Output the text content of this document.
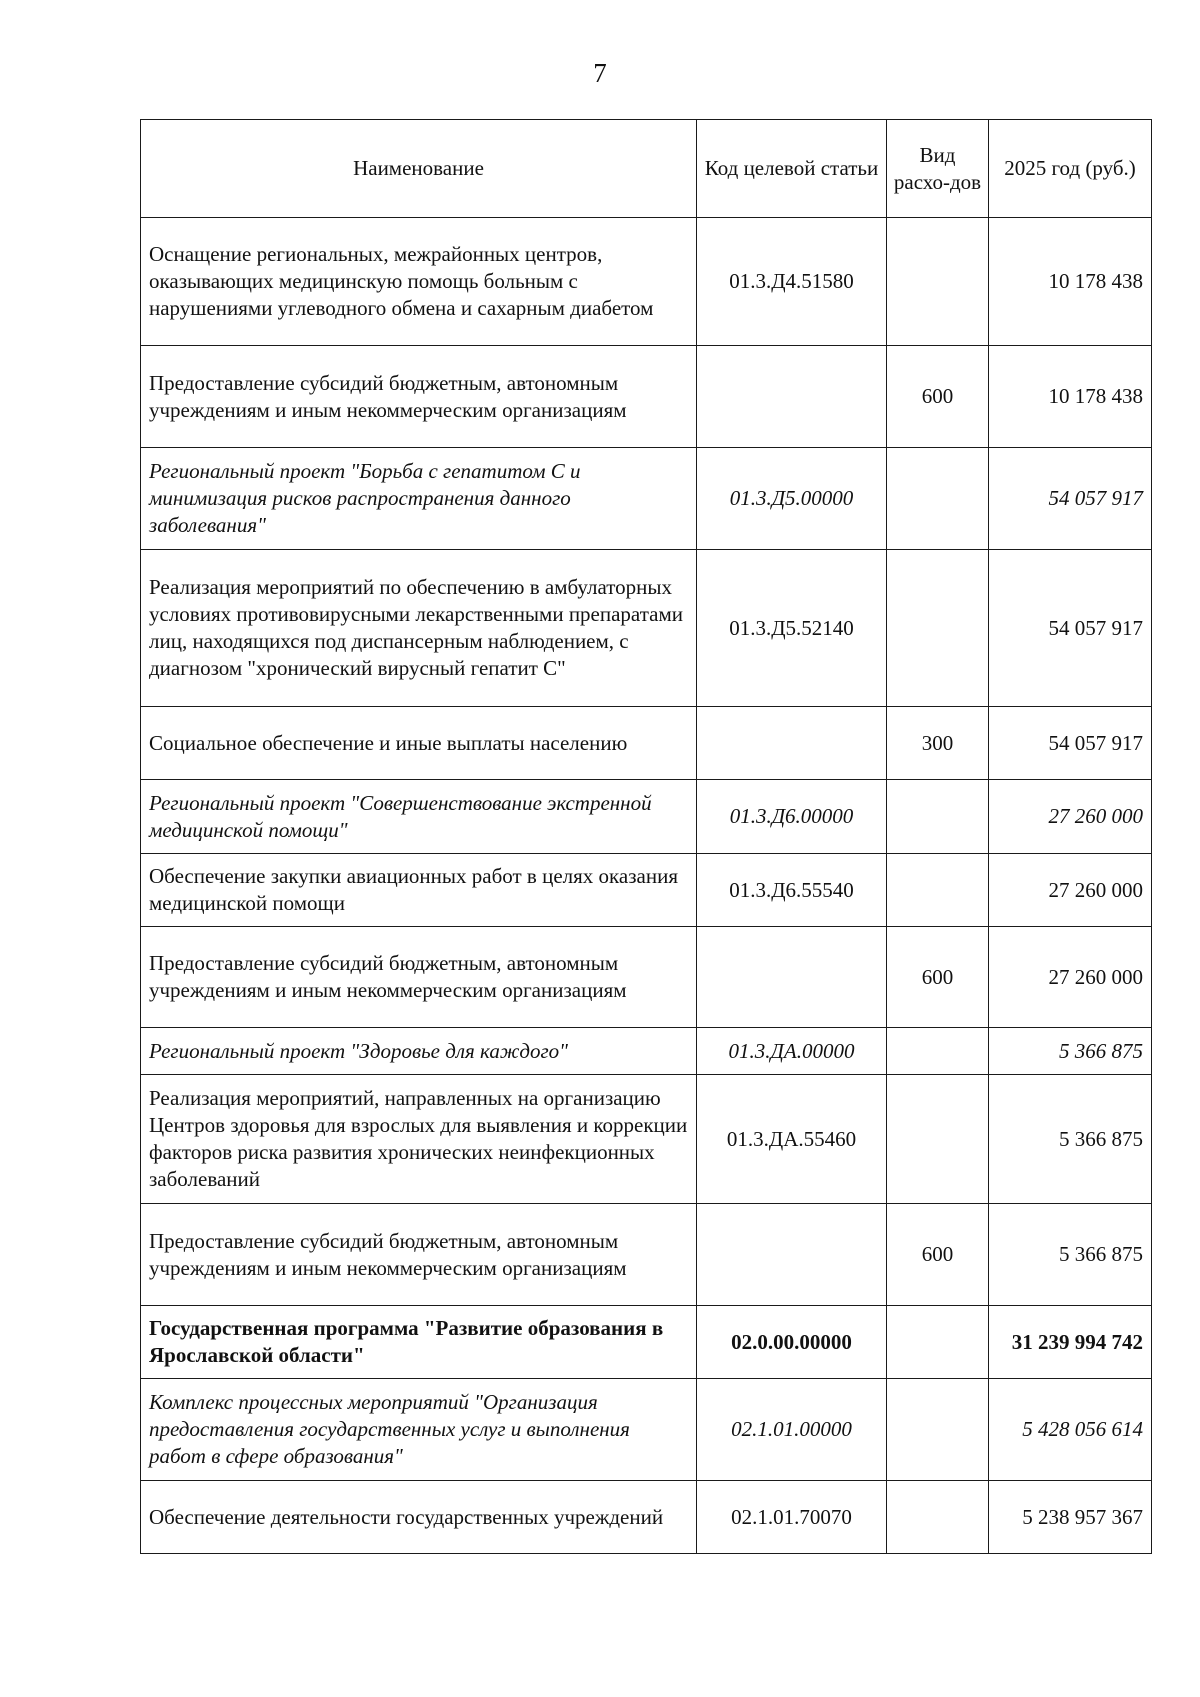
7
Наименование	Код целевой статьи	Вид расхо-дов	2025 год (руб.)
Оснащение региональных, межрайонных центров, оказывающих медицинскую помощь больным с нарушениями углеводного обмена и сахарным диабетом	01.3.Д4.51580		10 178 438
Предоставление субсидий бюджетным, автономным учреждениям и иным некоммерческим организациям		600	10 178 438
Региональный проект "Борьба с гепатитом С и минимизация рисков распространения данного заболевания"	01.3.Д5.00000		54 057 917
Реализация мероприятий по обеспечению в амбулаторных условиях противовирусными лекарственными препаратами лиц, находящихся под диспансерным наблюдением, с диагнозом "хронический вирусный гепатит С"	01.3.Д5.52140		54 057 917
Социальное обеспечение и иные выплаты населению		300	54 057 917
Региональный проект "Совершенствование экстренной медицинской помощи"	01.3.Д6.00000		27 260 000
Обеспечение закупки авиационных работ в целях оказания медицинской помощи	01.3.Д6.55540		27 260 000
Предоставление субсидий бюджетным, автономным учреждениям и иным некоммерческим организациям		600	27 260 000
Региональный проект "Здоровье для каждого"	01.3.ДА.00000		5 366 875
Реализация мероприятий, направленных на организацию Центров здоровья для взрослых для выявления и коррекции факторов риска развития хронических неинфекционных заболеваний	01.3.ДА.55460		5 366 875
Предоставление субсидий бюджетным, автономным учреждениям и иным некоммерческим организациям		600	5 366 875
Государственная программа "Развитие образования в Ярославской области"	02.0.00.00000		31 239 994 742
Комплекс процессных мероприятий "Организация предоставления государственных услуг и выполнения работ в сфере образования"	02.1.01.00000		5 428 056 614
Обеспечение деятельности государственных учреждений	02.1.01.70070		5 238 957 367
